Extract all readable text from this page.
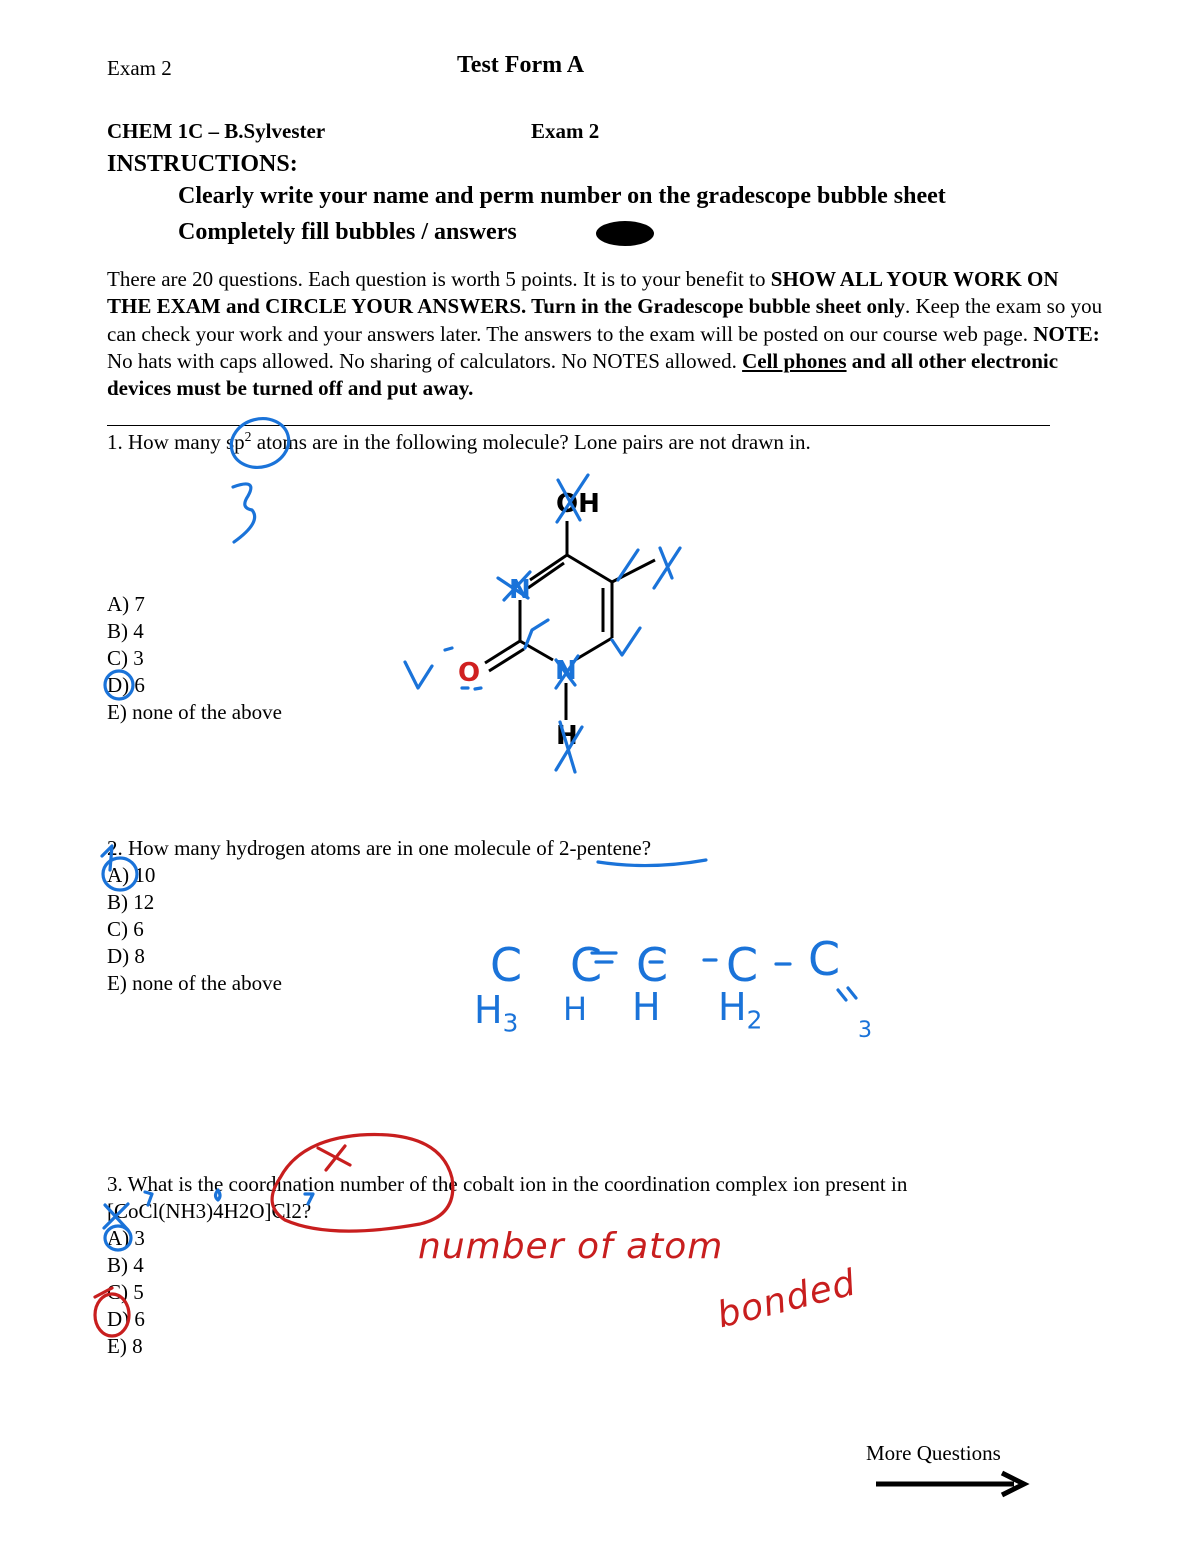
Exam 2	Test Form A
CHEM 1C – B.Sylvester	Exam 2
INSTRUCTIONS:
Clearly write your name and perm number on the gradescope bubble sheet
Completely fill bubbles / answers
There are 20 questions. Each question is worth 5 points. It is to your benefit to SHOW ALL YOUR WORK ON THE EXAM and CIRCLE YOUR ANSWERS. Turn in the Gradescope bubble sheet only. Keep the exam so you can check your work and your answers later. The answers to the exam will be posted on our course web page. NOTE: No hats with caps allowed. No sharing of calculators. No NOTES allowed. Cell phones and all other electronic devices must be turned off and put away.
1. How many $sp^2$ atoms are in the following molecule? Lone pairs are not drawn in.
A) 7
B) 4
C) 3
D) 6
E) none of the above
OH
N
O	N
H
2. How many hydrogen atoms are in one molecule of 2-pentene?
A) 10
B) 12
C) 6
D) 8
E) none of the above	C C C C C
$H_3$ H H $H_2$	$_3$
3. What is the coordination number of the cobalt ion in the coordination complex ion present in
[CoCl(NH3)4H2O]Cl2?
A) 3
B) 4
C) 5
D) 6
E) 8
number of atom
bonded
More Questions
